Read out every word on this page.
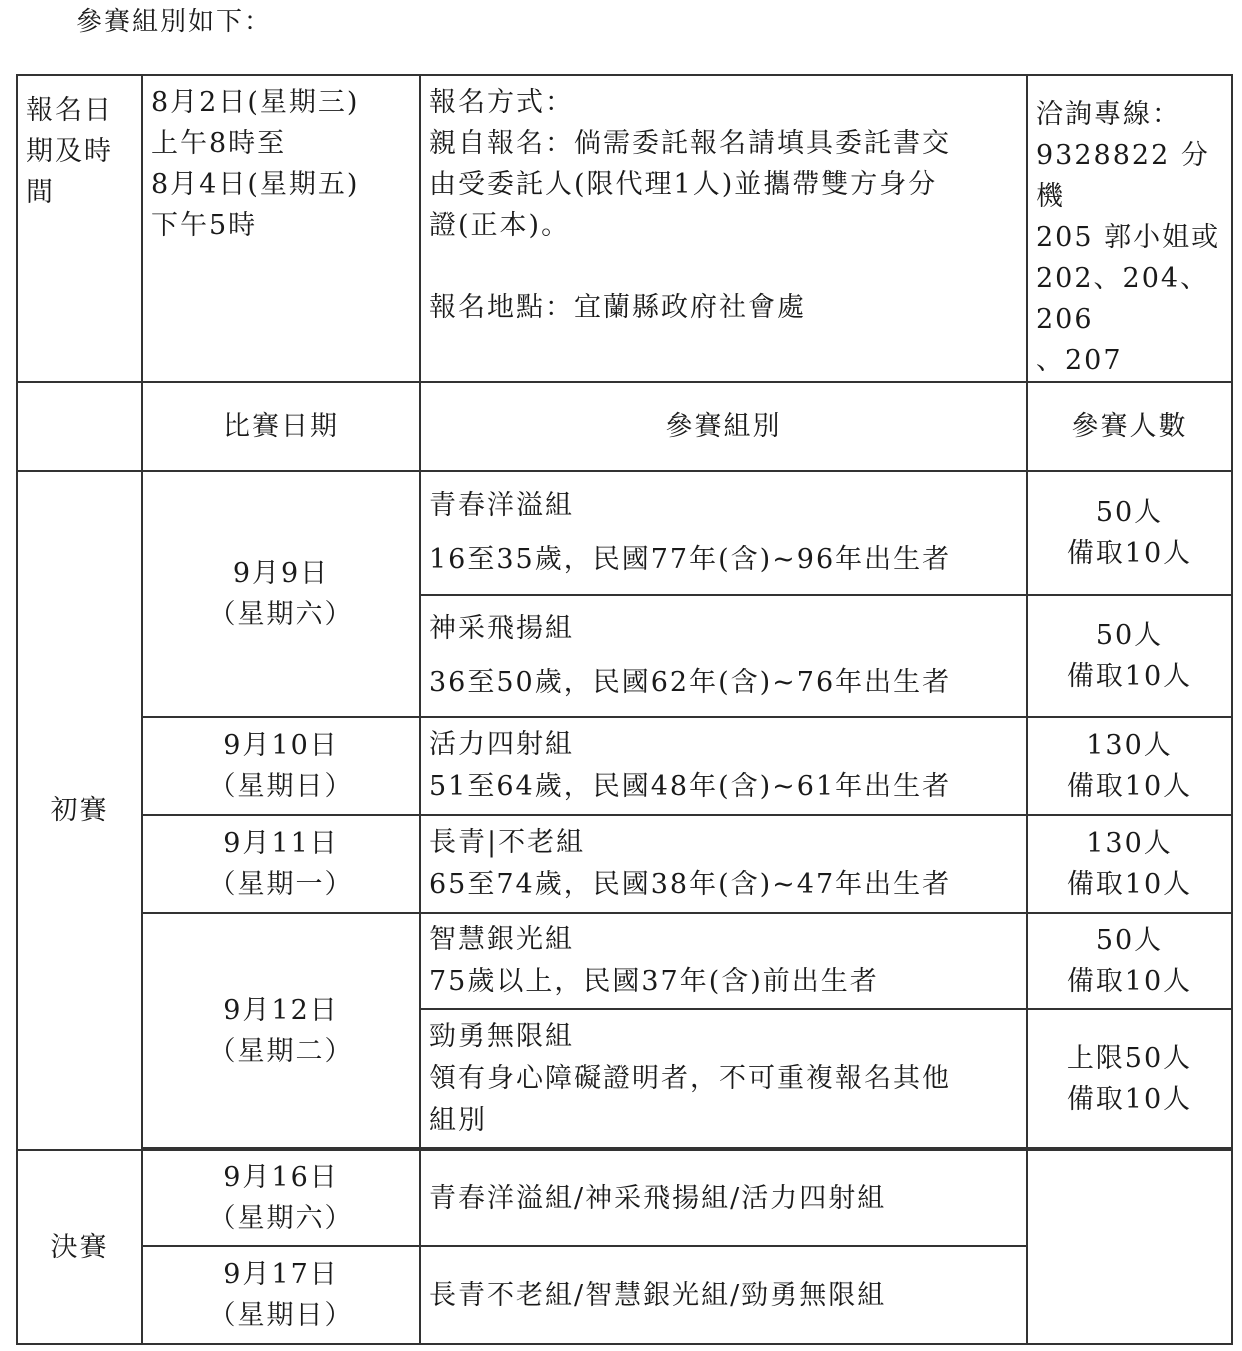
參賽組別如下：
報名日
期及時
間	8月2日(星期三)
上午8時至
8月4日(星期五)
下午5時	報名方式：
親自報名：倘需委託報名請填具委託書交
由受委託人(限代理1人)並攜帶雙方身分
證(正本)。
報名地點：宜蘭縣政府社會處	洽詢專線：
9328822 分機
205 郭小姐或
202、204、206
、207

	比賽日期	參賽組別	參賽人數
初賽	9月9日
（星期六）	青春洋溢組
16至35歲，民國77年(含)~96年出生者	50人
備取10人

		神采飛揚組
36至50歲，民國62年(含)~76年出生者	50人
備取10人

	9月10日
（星期日）	活力四射組
51至64歲，民國48年(含)~61年出生者	130人
備取10人

	9月11日
（星期一）	長青|不老組
65至74歲，民國38年(含)~47年出生者	130人
備取10人

	9月12日
（星期二）	智慧銀光組
75歲以上，民國37年(含)前出生者	50人
備取10人

		勁勇無限組
領有身心障礙證明者，不可重複報名其他
組別	上限50人
備取10人

決賽	9月16日
（星期六）	青春洋溢組/神采飛揚組/活力四射組	

	9月17日
（星期日）	長青不老組/智慧銀光組/勁勇無限組	
